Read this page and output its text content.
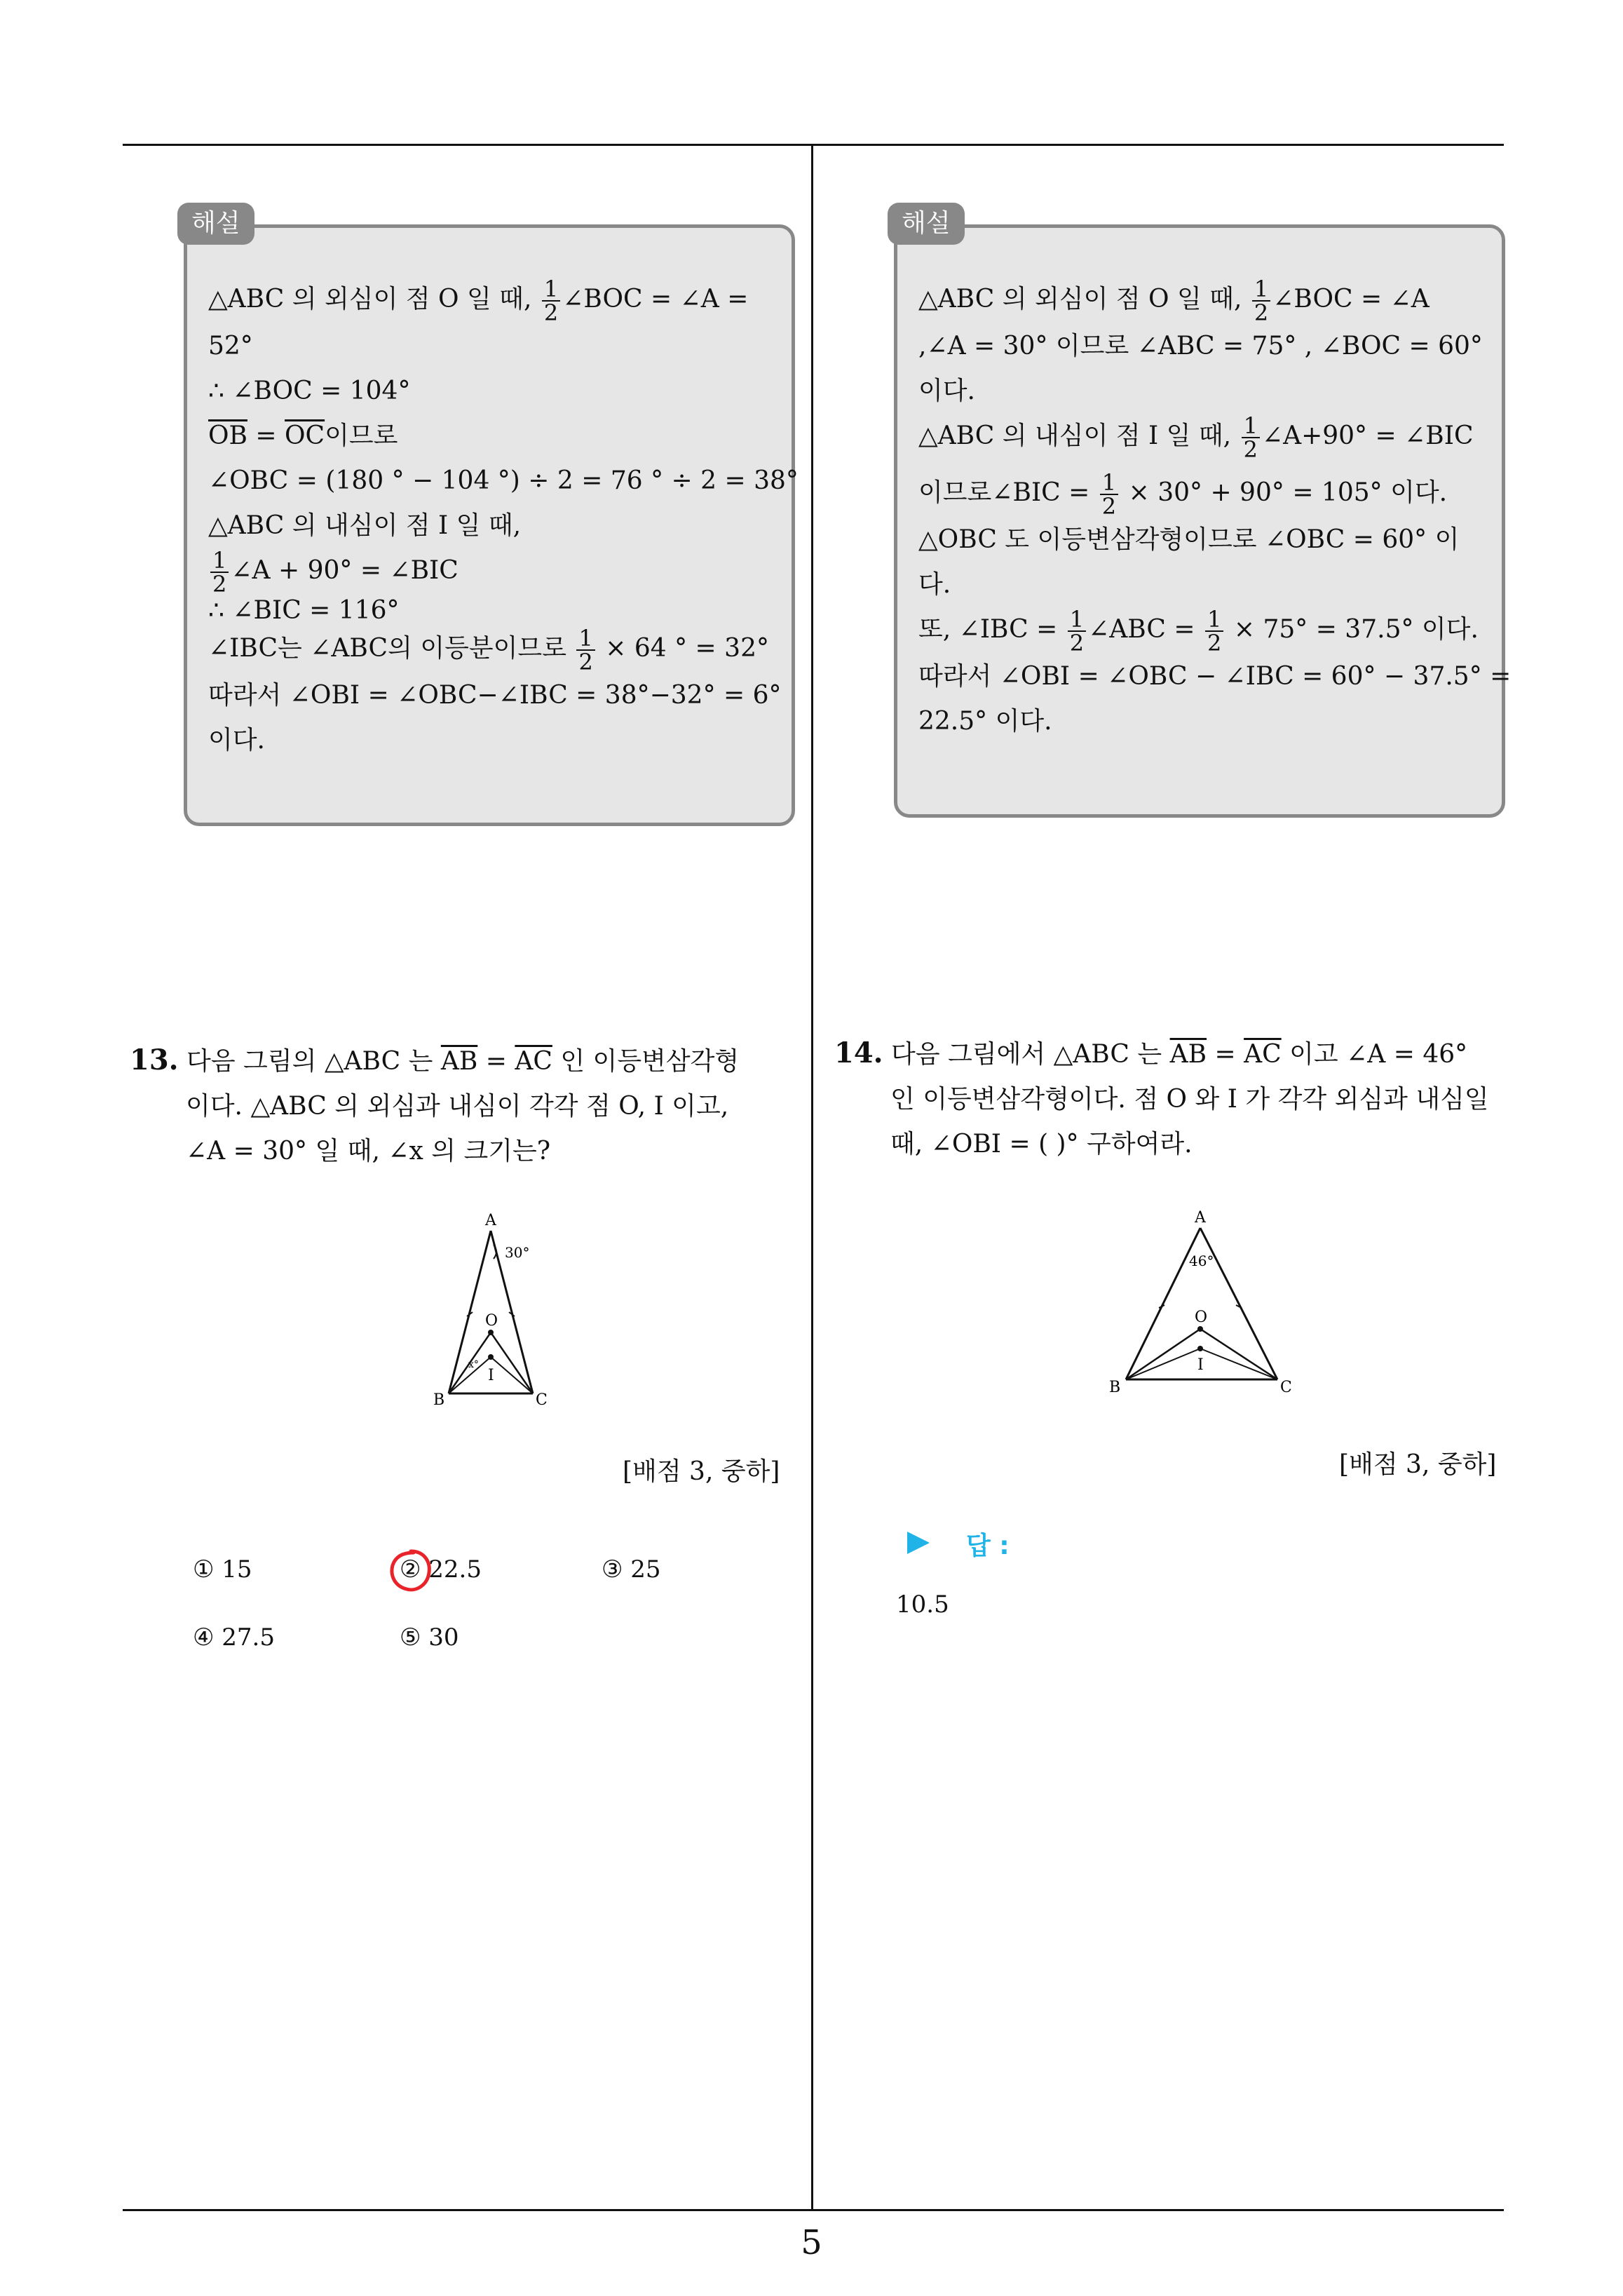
해설
△ABC 의 외심이 점 O 일 때, $\frac{1}{2}$ ∠BOC = ∠A =
52°
∴ ∠BOC = 104°
$\overline{OB} = \overline{OC}$이므로
∠OBC = (180 ° − 104 °) ÷ 2 = 76 ° ÷ 2 = 38°
△ABC 의 내심이 점 I 일 때,
$\frac{1}{2}$ ∠A + 90° = ∠BIC
∴ ∠BIC = 116°
∠IBC는 ∠ABC의 이등분이므로 $\frac{1}{2} \times 64$ ° = 32°
따라서 ∠OBI = ∠OBC−∠IBC = 38°−32° = 6°
이다.
해설
△ABC 의 외심이 점 O 일 때, $\frac{1}{2}$ ∠BOC = ∠A
,∠A = 30° 이므로 ∠ABC = 75° , ∠BOC = 60°
이다.
△ABC 의 내심이 점 I 일 때, $\frac{1}{2}$ ∠A+90° = ∠BIC
이므로∠BIC = $\frac{1}{2} \times 30^\circ + 90^\circ = 105^\circ$ 이다.
△OBC 도 이등변삼각형이므로 ∠OBC = 60° 이
다.
또, ∠IBC = $\frac{1}{2}$ ∠ABC = $\frac{1}{2} \times 75^\circ = 37.5^\circ$ 이다.
따라서 ∠OBI = ∠OBC − ∠IBC = 60° − 37.5° =
22.5° 이다.
13. 다음 그림의 △ABC 는 $\overline{AB} = \overline{AC}$ 인 이등변삼각형
이다. △ABC 의 외심과 내심이 각각 점 O, I 이고,
∠A = 30° 일 때, ∠x 의 크기는?
A
30°
O
x°
I
B	C
[배점 3, 중하]
① 15	② 22.5	③ 25
④ 27.5	⑤ 30
14. 다음 그림에서 △ABC 는 $\overline{AB} = \overline{AC}$ 이고 ∠A = 46°
인 이등변삼각형이다. 점 O 와 I 가 각각 외심과 내심일
때, ∠OBI = ( )° 구하여라.
A
46°
O
I
B	C
[배점 3, 중하]
답 :
10.5
5
